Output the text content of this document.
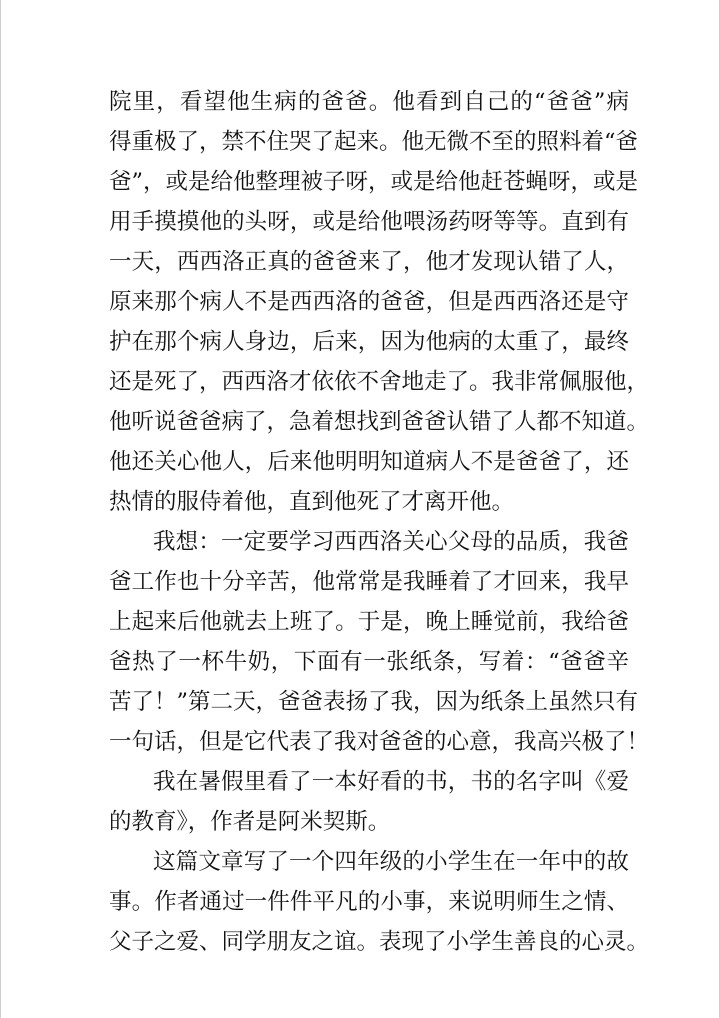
院里，看望他生病的爸爸。他看到自己的“爸爸”病
得重极了，禁不住哭了起来。他无微不至的照料着“爸
爸”，或是给他整理被子呀，或是给他赶苍蝇呀，或是
用手摸摸他的头呀，或是给他喂汤药呀等等。直到有
一天，西西洛正真的爸爸来了，他才发现认错了人，
原来那个病人不是西西洛的爸爸，但是西西洛还是守
护在那个病人身边，后来，因为他病的太重了，最终
还是死了，西西洛才依依不舍地走了。我非常佩服他，
他听说爸爸病了，急着想找到爸爸认错了人都不知道。
他还关心他人，后来他明明知道病人不是爸爸了，还
热情的服侍着他，直到他死了才离开他。
我想：一定要学习西西洛关心父母的品质，我爸
爸工作也十分辛苦，他常常是我睡着了才回来，我早
上起来后他就去上班了。于是，晚上睡觉前，我给爸
爸热了一杯牛奶，下面有一张纸条，写着：“爸爸辛
苦了！”第二天，爸爸表扬了我，因为纸条上虽然只有
一句话，但是它代表了我对爸爸的心意，我高兴极了！
我在暑假里看了一本好看的书，书的名字叫《爱
的教育》，作者是阿米契斯。
这篇文章写了一个四年级的小学生在一年中的故
事。作者通过一件件平凡的小事，来说明师生之情、
父子之爱、同学朋友之谊。表现了小学生善良的心灵。
